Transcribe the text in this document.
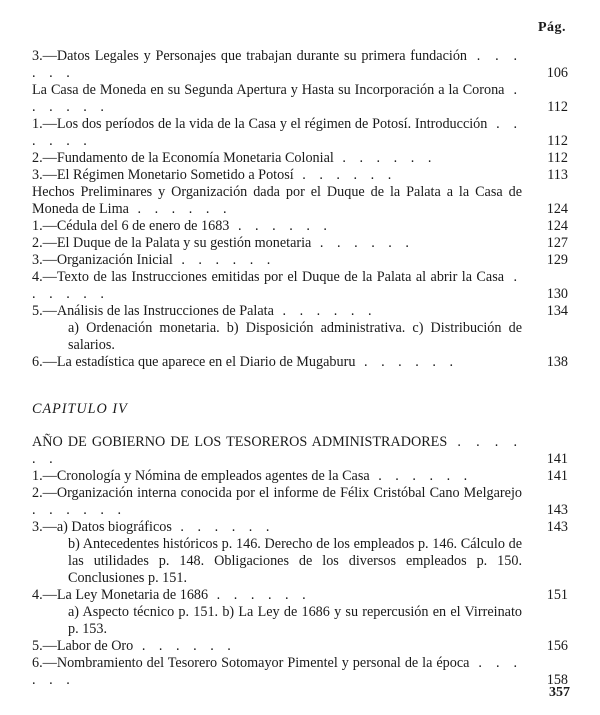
Pág.
3.—Datos Legales y Personajes que trabajan durante su primera fundación . . . . . .	106
La Casa de Moneda en su Segunda Apertura y Hasta su Incorporación a la Corona . . . . . .	112
1.—Los dos períodos de la vida de la Casa y el régimen de Potosí. Introducción . . . . . .	112
2.—Fundamento de la Economía Monetaria Colonial . . . . . .	112
3.—El Régimen Monetario Sometido a Potosí . . . . . .	113
Hechos Preliminares y Organización dada por el Duque de la Palata a la Casa de Moneda de Lima . . . . . .	124
1.—Cédula del 6 de enero de 1683 . . . . . .	124
2.—El Duque de la Palata y su gestión monetaria . . . . . .	127
3.—Organización Inicial . . . . . .	129
4.—Texto de las Instrucciones emitidas por el Duque de la Palata al abrir la Casa . . . . . .	130
5.—Análisis de las Instrucciones de Palata . . . . . .	134
a) Ordenación monetaria. b) Disposición administrativa. c) Distribución de salarios.
6.—La estadística que aparece en el Diario de Mugaburu . . . . . .	138
CAPITULO IV
AÑO DE GOBIERNO DE LOS TESOREROS ADMINISTRADORES . . . . . .	141
1.—Cronología y Nómina de empleados agentes de la Casa . . . . . .	141
2.—Organización interna conocida por el informe de Félix Cristóbal Cano Melgarejo . . . . . .	143
3.—a) Datos biográficos . . . . . .	143
b) Antecedentes históricos p. 146. Derecho de los empleados p. 146. Cálculo de las utilidades p. 148. Obligaciones de los diversos empleados p. 150. Conclusiones p. 151.
4.—La Ley Monetaria de 1686 . . . . . .	151
a) Aspecto técnico p. 151. b) La Ley de 1686 y su repercusión en el Virreinato p. 153.
5.—Labor de Oro . . . . . .	156
6.—Nombramiento del Tesorero Sotomayor Pimentel y personal de la época . . . . . .	158
357
